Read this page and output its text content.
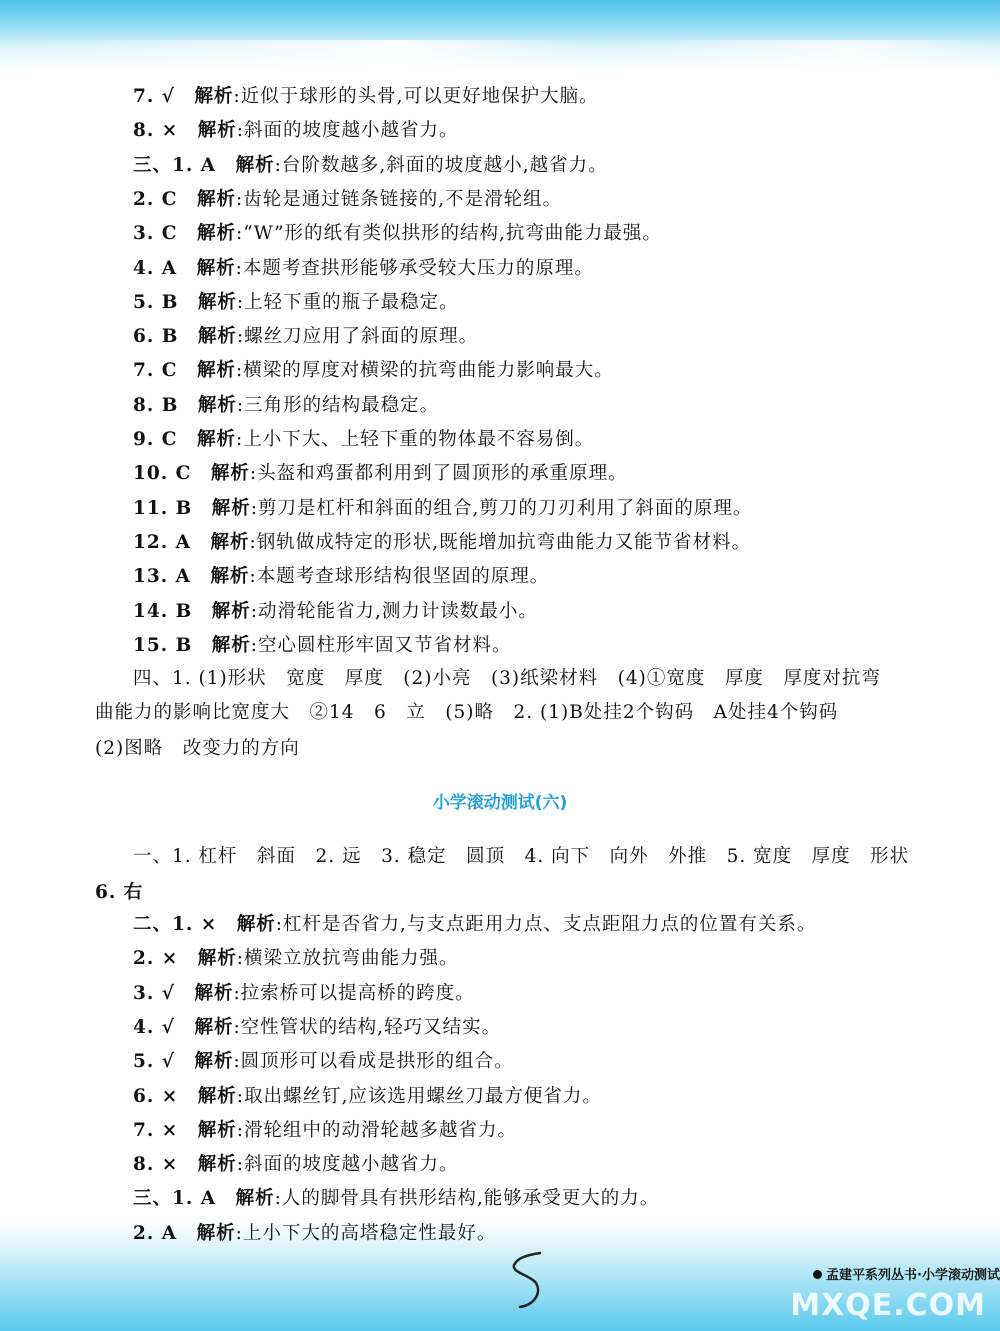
7. √　 解析:近似于球形的头骨,可以更好地保护大脑。
8. ×　 解析:斜面的坡度越小越省力。
三、1. A　 解析:台阶数越多,斜面的坡度越小,越省力。
2. C　 解析:齿轮是通过链条链接的,不是滑轮组。
3. C　 解析:“W”形的纸有类似拱形的结构,抗弯曲能力最强。
4. A　 解析:本题考查拱形能够承受较大压力的原理。
5. B　 解析:上轻下重的瓶子最稳定。
6. B　 解析:螺丝刀应用了斜面的原理。
7. C　 解析:横梁的厚度对横梁的抗弯曲能力影响最大。
8. B　 解析:三角形的结构最稳定。
9. C　 解析:上小下大、上轻下重的物体最不容易倒。
10. C　 解析:头盔和鸡蛋都利用到了圆顶形的承重原理。
11. B　 解析:剪刀是杠杆和斜面的组合,剪刀的刀刃利用了斜面的原理。
12. A　 解析:钢轨做成特定的形状,既能增加抗弯曲能力又能节省材料。
13. A　 解析:本题考查球形结构很坚固的原理。
14. B　 解析:动滑轮能省力,测力计读数最小。
15. B　 解析:空心圆柱形牢固又节省材料。
四、1. (1)形状　宽度　厚度　(2)小亮　(3)纸梁材料　(4)①宽度　厚度　厚度对抗弯
曲能力的影响比宽度大　②14　6　立　(5)略　2. (1)B处挂2个钩码　A处挂4个钩码
(2)图略　改变力的方向
小学滚动测试(六)
一、1. 杠杆　斜面　2. 远　3. 稳定　圆顶　4. 向下　向外　外推　5. 宽度　厚度　形状
6. 右
二、1. ×　 解析:杠杆是否省力,与支点距用力点、支点距阻力点的位置有关系。
2. ×　 解析:横梁立放抗弯曲能力强。
3. √　 解析:拉索桥可以提高桥的跨度。
4. √　 解析:空性管状的结构,轻巧又结实。
5. √　 解析:圆顶形可以看成是拱形的组合。
6. ×　 解析:取出螺丝钉,应该选用螺丝刀最方便省力。
7. ×　 解析:滑轮组中的动滑轮越多越省力。
8. ×　 解析:斜面的坡度越小越省力。
三、1. A　 解析:人的脚骨具有拱形结构,能够承受更大的力。
2. A　 解析:上小下大的高塔稳定性最好。
孟建平系列丛书·小学滚动测试
MXQE.COM
